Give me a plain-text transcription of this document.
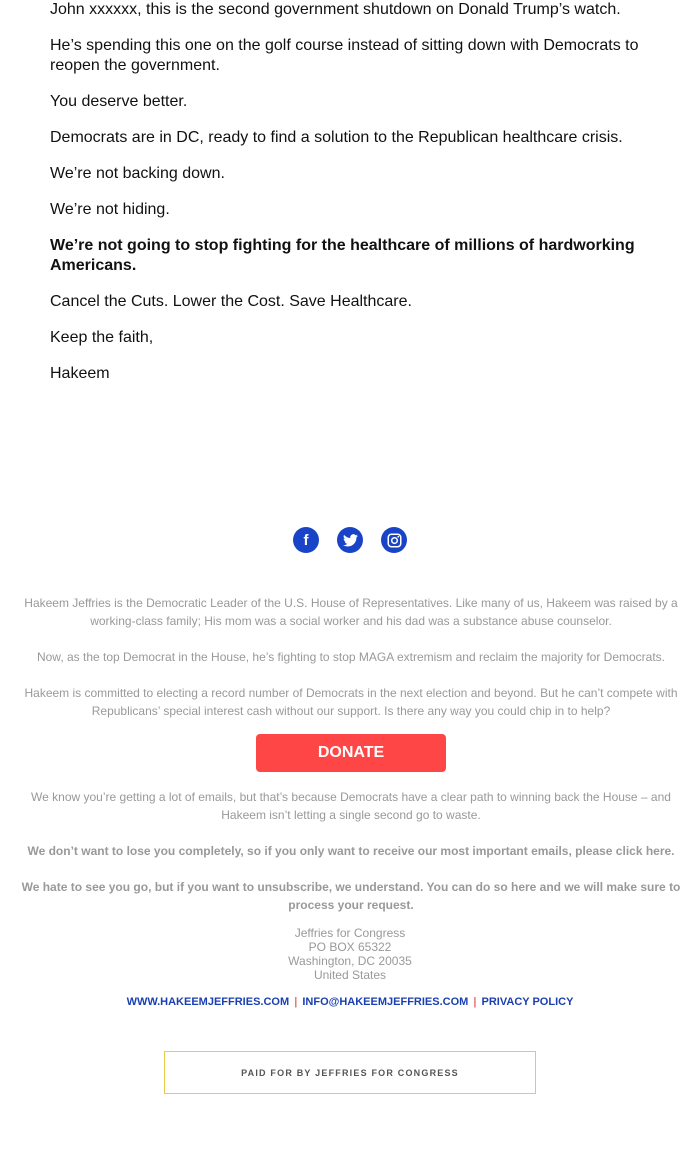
John xxxxxx, this is the second government shutdown on Donald Trump’s watch.

He’s spending this one on the golf course instead of sitting down with Democrats to reopen the government.

You deserve better.

Democrats are in DC, ready to find a solution to the Republican healthcare crisis.

We’re not backing down.

We’re not hiding.

We’re not going to stop fighting for the healthcare of millions of hardworking Americans.

Cancel the Cuts. Lower the Cost. Save Healthcare.

Keep the faith,

Hakeem

f

Hakeem Jeffries is the Democratic Leader of the U.S. House of Representatives. Like many of us, Hakeem was raised by a working-class family; His mom was a social worker and his dad was a substance abuse counselor.

Now, as the top Democrat in the House, he’s fighting to stop MAGA extremism and reclaim the majority for Democrats.

Hakeem is committed to electing a record number of Democrats in the next election and beyond. But he can’t compete with Republicans’ special interest cash without our support. Is there any way you could chip in to help?

DONATE

We know you’re getting a lot of emails, but that’s because Democrats have a clear path to winning back the House – and Hakeem isn’t letting a single second go to waste.

We don’t want to lose you completely, so if you only want to receive our most important emails, please click here.

We hate to see you go, but if you want to unsubscribe, we understand. You can do so here and we will make sure to process your request.

Jeffries for Congress
PO BOX 65322
Washington, DC 20035
United States
WWW.HAKEEMJEFFRIES.COM | INFO@HAKEEMJEFFRIES.COM | PRIVACY POLICY
PAID FOR BY JEFFRIES FOR CONGRESS
